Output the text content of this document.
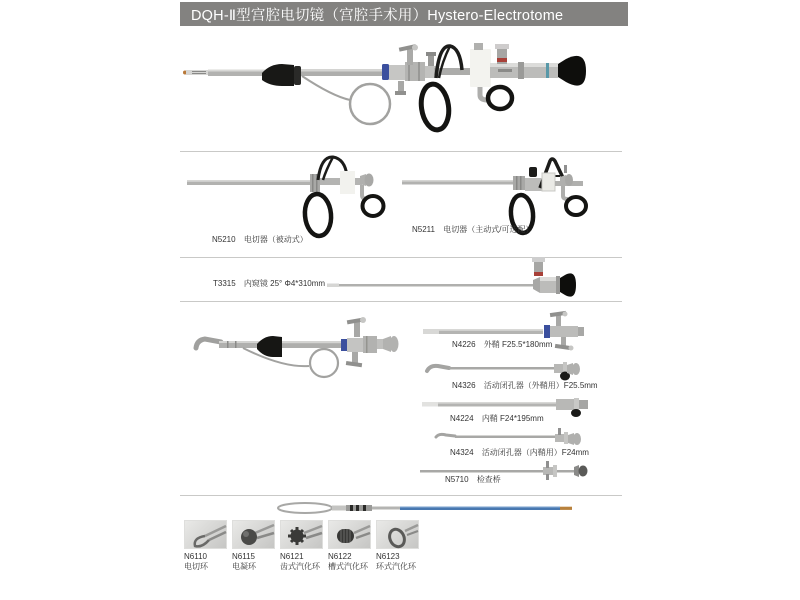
DQH-Ⅱ型宫腔电切镜（宫腔手术用）Hystero-Electrotome
N5210 电切器（被动式）
N5211 电切器（主动式/可选配）
T3315 内窥镜 25° Φ4*310mm
N4226 外鞘 F25.5*180mm
N4326 活动闭孔器（外鞘用）F25.5mm
N4224 内鞘 F24*195mm
N4324 活动闭孔器（内鞘用）F24mm
N5710 检查桥
N6110
电切环
N6115
电凝环
N6121
齿式汽化环
N6122
槽式汽化环
N6123
环式汽化环
